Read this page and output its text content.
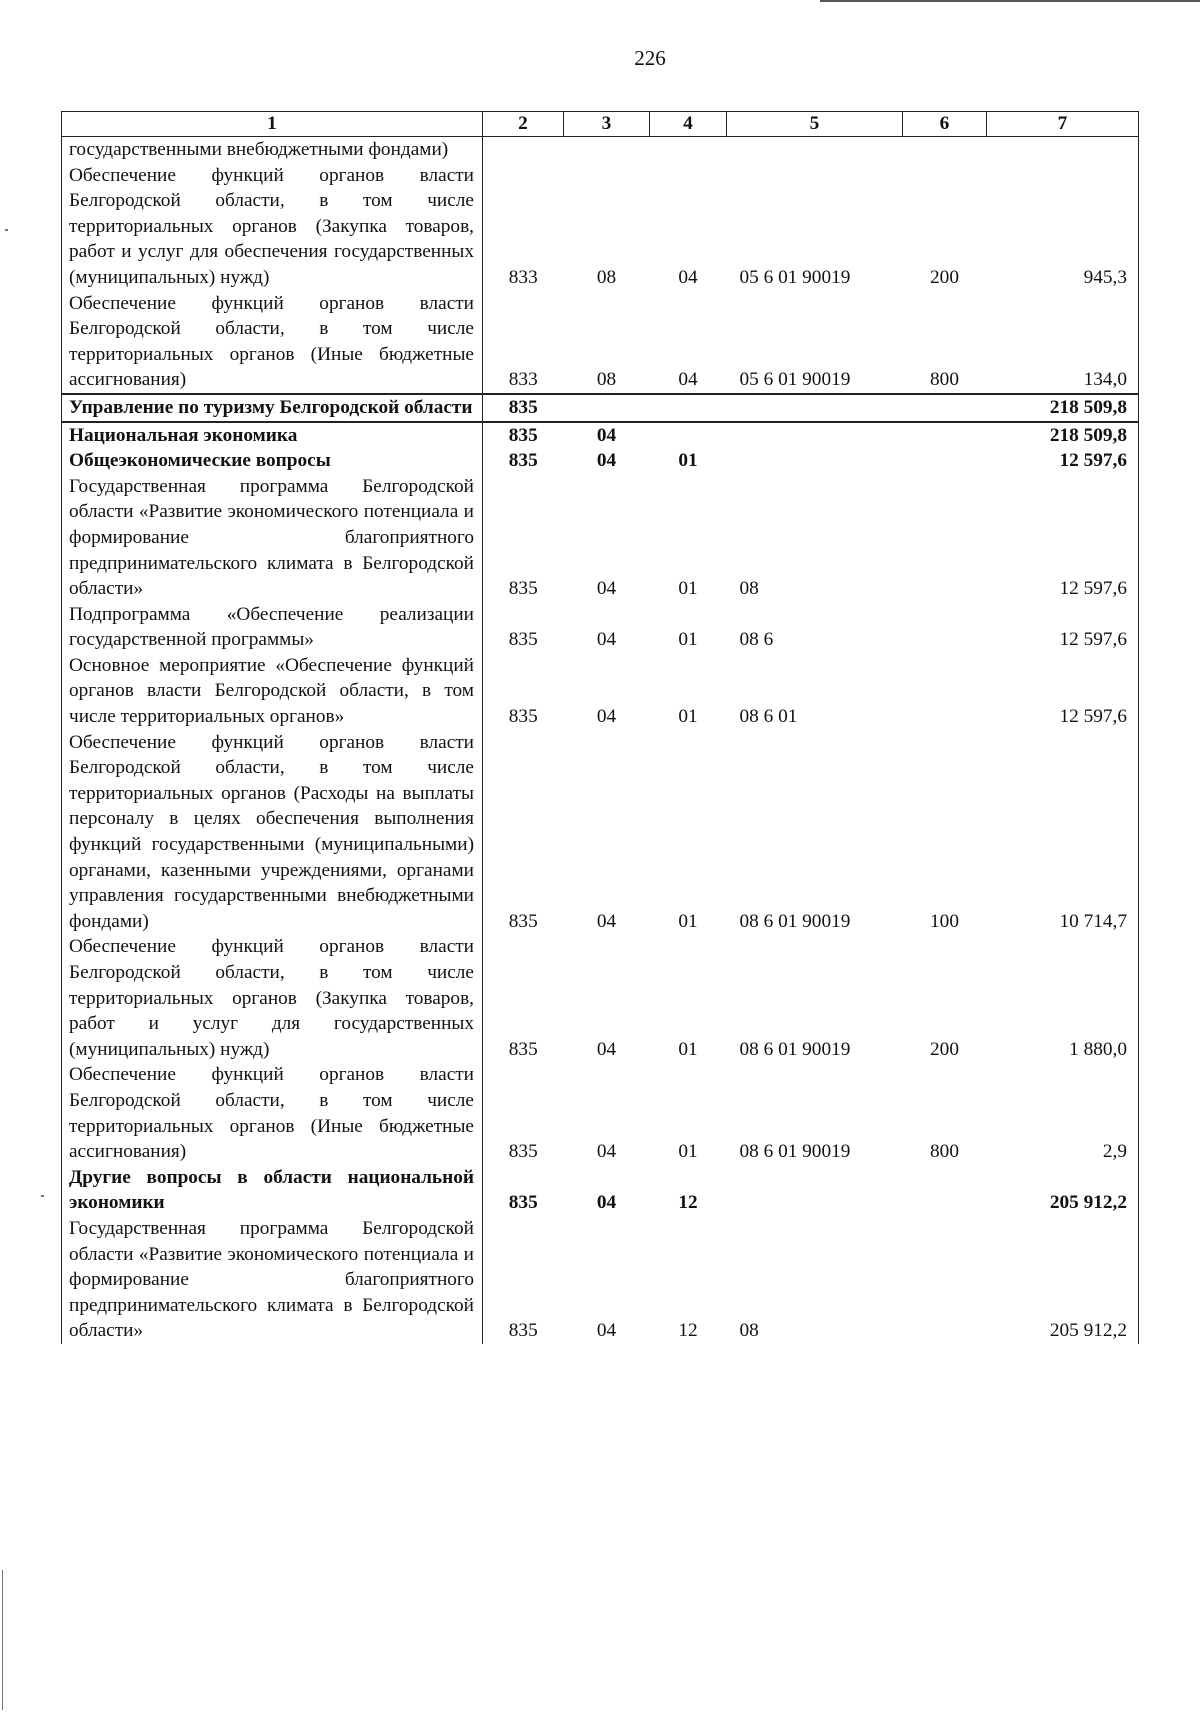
226
1	2	3	4	5	6	7
государственными внебюджетными фондами)						
Обеспечение функций органов власти Белгородской области, в том числе территориальных органов (Закупка товаров, работ и услуг для обеспечения государственных (муниципальных) нужд)	833	08	04	05 6 01 90019	200	945,3
Обеспечение функций органов власти Белгородской области, в том числе территориальных органов (Иные бюджетные ассигнования)	833	08	04	05 6 01 90019	800	134,0
Управление по туризму Белгородской области	835					218 509,8
Национальная экономика	835	04				218 509,8
Общеэкономические вопросы	835	04	01			12 597,6
Государственная программа Белгородской области «Развитие экономического потенциала и формирование благоприятного предпринимательского климата в Белгородской области»	835	04	01	08		12 597,6
Подпрограмма «Обеспечение реализации государственной программы»	835	04	01	08 6		12 597,6
Основное мероприятие «Обеспечение функций органов власти Белгородской области, в том числе территориальных органов»	835	04	01	08 6 01		12 597,6
Обеспечение функций органов власти Белгородской области, в том числе территориальных органов (Расходы на выплаты персоналу в целях обеспечения выполнения функций государственными (муниципальными) органами, казенными учреждениями, органами управления государственными внебюджетными фондами)	835	04	01	08 6 01 90019	100	10 714,7
Обеспечение функций органов власти Белгородской области, в том числе территориальных органов (Закупка товаров, работ и услуг для государственных (муниципальных) нужд)	835	04	01	08 6 01 90019	200	1 880,0
Обеспечение функций органов власти Белгородской области, в том числе территориальных органов (Иные бюджетные ассигнования)	835	04	01	08 6 01 90019	800	2,9
Другие вопросы в области национальной экономики	835	04	12			205 912,2
Государственная программа Белгородской области «Развитие экономического потенциала и формирование благоприятного предпринимательского климата в Белгородской области»	835	04	12	08		205 912,2
